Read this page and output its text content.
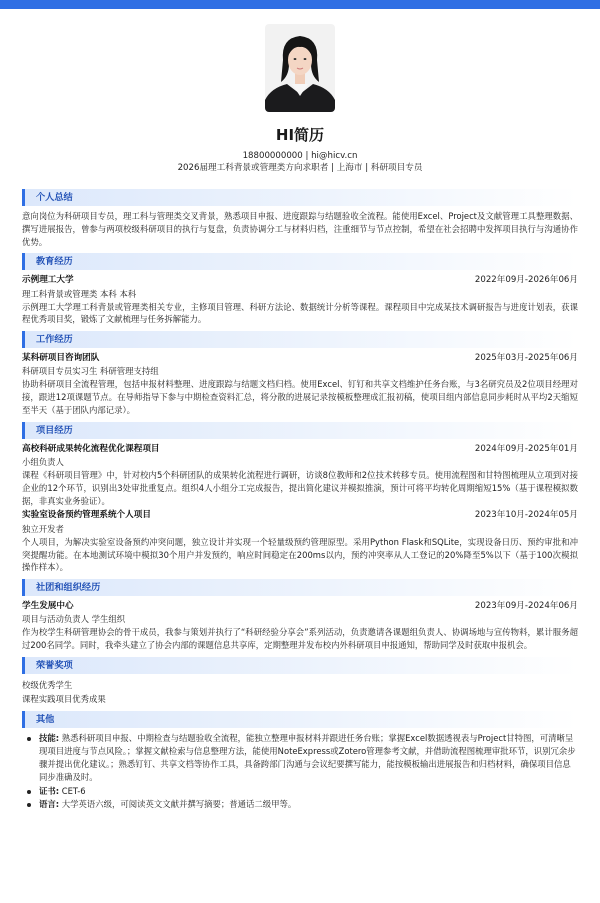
HI简历
18800000000 | hi@hicv.cn
2026届理工科背景或管理类方向求职者 | 上海市 | 科研项目专员
个人总结
意向岗位为科研项目专员，理工科与管理类交叉背景，熟悉项目申报、进度跟踪与结题验收全流程。能使用Excel、Project及文献管理工具整理数据、撰写进展报告，曾参与两项校级科研项目的执行与复盘，负责协调分工与材料归档，注重细节与节点控制，希望在社会招聘中发挥项目执行与沟通协作优势。
教育经历
示例理工大学	2022年09月-2026年06月
理工科背景或管理类 本科 本科
示例理工大学理工科背景或管理类相关专业，主修项目管理、科研方法论、数据统计分析等课程。课程项目中完成某技术调研报告与进度计划表，获课程优秀项目奖，锻炼了文献梳理与任务拆解能力。
工作经历
某科研项目咨询团队	2025年03月-2025年06月
科研项目专员实习生 科研管理支持组
协助科研项目全流程管理，包括申报材料整理、进度跟踪与结题文档归档。使用Excel、钉钉和共享文档维护任务台账，与3名研究员及2位项目经理对接，跟进12项课题节点。在导师指导下参与中期检查资料汇总，将分散的进展记录按模板整理成汇报初稿，使项目组内部信息同步耗时从平均2天缩短至半天（基于团队内部记录）。
项目经历
高校科研成果转化流程优化课程项目	2024年09月-2025年01月
小组负责人
课程《科研项目管理》中，针对校内5个科研团队的成果转化流程进行调研，访谈8位教师和2位技术转移专员。使用流程图和甘特图梳理从立项到对接企业的12个环节，识别出3处审批重复点。组织4人小组分工完成报告，提出简化建议并模拟推演，预计可将平均转化周期缩短15%（基于课程模拟数据，非真实业务验证）。
实验室设备预约管理系统个人项目	2023年10月-2024年05月
独立开发者
个人项目，为解决实验室设备预约冲突问题，独立设计并实现一个轻量级预约管理原型。采用Python Flask和SQLite，实现设备日历、预约审批和冲突提醒功能。在本地测试环境中模拟30个用户并发预约，响应时间稳定在200ms以内，预约冲突率从人工登记的20%降至5%以下（基于100次模拟操作样本）。
社团和组织经历
学生发展中心	2023年09月-2024年06月
项目与活动负责人 学生组织
作为校学生科研管理协会的骨干成员，我参与策划并执行了“科研经验分享会”系列活动，负责邀请各课题组负责人、协调场地与宣传物料，累计服务超过200名同学。同时，我牵头建立了协会内部的课题信息共享库，定期整理并发布校内外科研项目申报通知，帮助同学及时获取申报机会。
荣誉奖项
校级优秀学生
课程实践项目优秀成果
其他
技能: 熟悉科研项目申报、中期检查与结题验收全流程，能独立整理申报材料并跟进任务台账；掌握Excel数据透视表与Project甘特图，可清晰呈现项目进度与节点风险。；掌握文献检索与信息整理方法，能使用NoteExpress或Zotero管理参考文献，并借助流程图梳理审批环节，识别冗余步骤并提出优化建议。；熟悉钉钉、共享文档等协作工具，具备跨部门沟通与会议纪要撰写能力，能按模板输出进展报告和归档材料，确保项目信息同步准确及时。
证书: CET-6
语言: 大学英语六级，可阅读英文文献并撰写摘要；普通话二级甲等。
